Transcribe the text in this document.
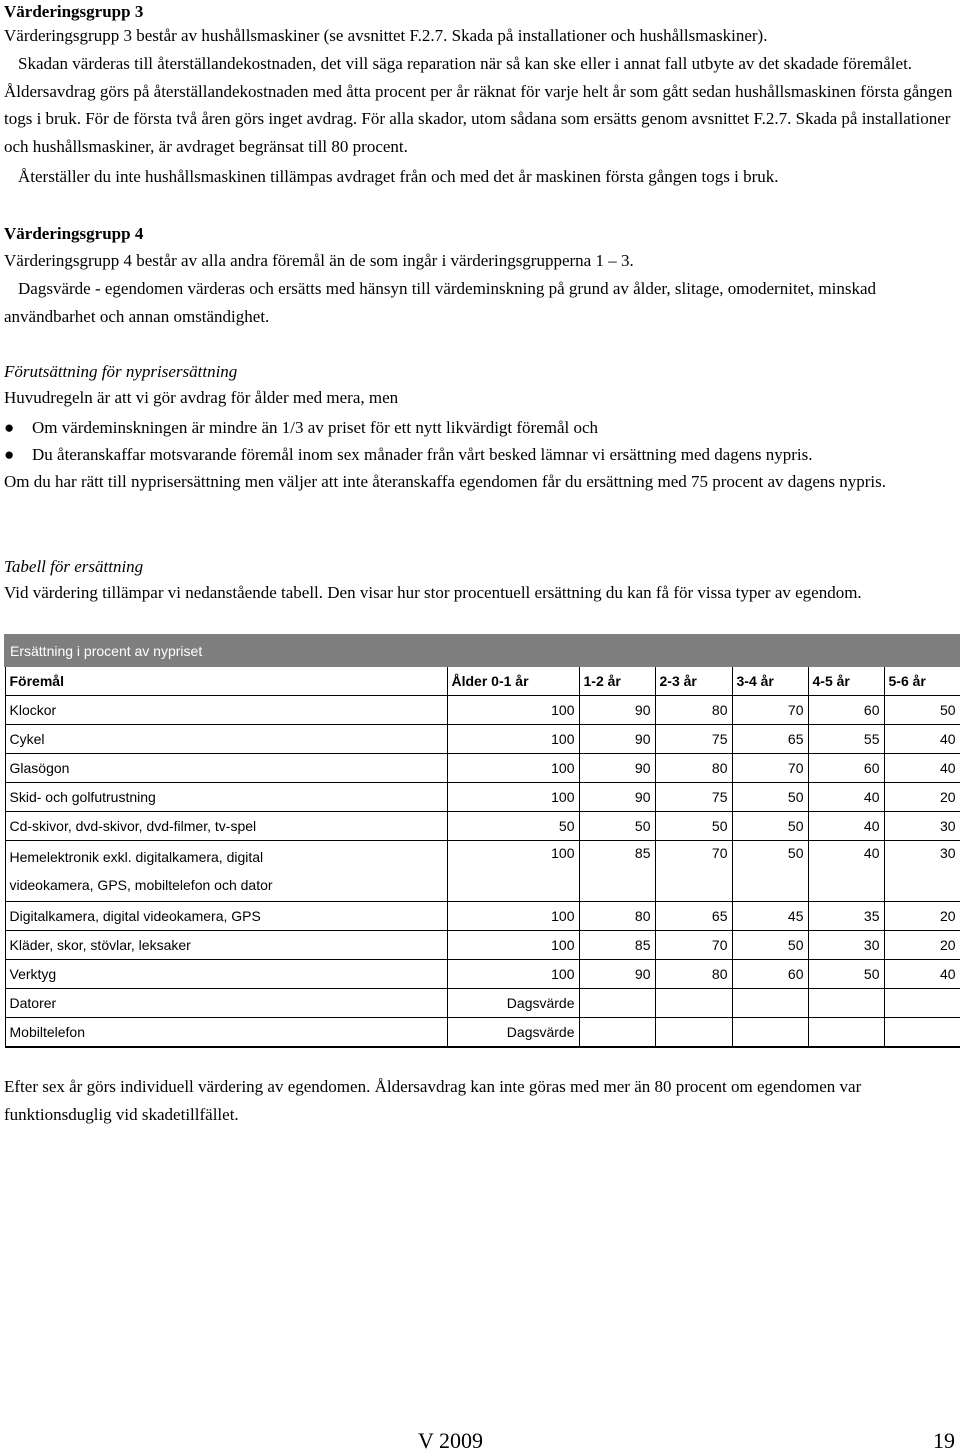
Värderingsgrupp 3
Värderingsgrupp 3 består av hushållsmaskiner (se avsnittet F.2.7. Skada på installationer och hushållsmaskiner).
Skadan värderas till återställandekostnaden, det vill säga reparation när så kan ske eller i annat fall utbyte av det skadade föremålet. Åldersavdrag görs på återställandekostnaden med åtta procent per år räknat för varje helt år som gått sedan hushållsmaskinen första gången togs i bruk. För de första två åren görs inget avdrag. För alla skador, utom sådana som ersätts genom avsnittet F.2.7. Skada på installationer och hushållsmaskiner, är avdraget begränsat till 80 procent.
Återställer du inte hushållsmaskinen tillämpas avdraget från och med det år maskinen första gången togs i bruk.
Värderingsgrupp 4
Värderingsgrupp 4 består av alla andra föremål än de som ingår i värderingsgrupperna 1 – 3.
Dagsvärde - egendomen värderas och ersätts med hänsyn till värdeminskning på grund av ålder, slitage, omodernitet, minskad användbarhet och annan omständighet.
Förutsättning för nyprisersättning
Huvudregeln är att vi gör avdrag för ålder med mera, men
● Om värdeminskningen är mindre än 1/3 av priset för ett nytt likvärdigt föremål och
● Du återanskaffar motsvarande föremål inom sex månader från vårt besked lämnar vi ersättning med dagens nypris.
Om du har rätt till nyprisersättning men väljer att inte återanskaffa egendomen får du ersättning med 75 procent av dagens nypris.
Tabell för ersättning
Vid värdering tillämpar vi nedanstående tabell. Den visar hur stor procentuell ersättning du kan få för vissa typer av egendom.
Ersättning i procent av nypriset						
Föremål	Ålder 0-1 år	1-2 år	2-3 år	3-4 år	4-5 år	5-6 år
Klockor	100	90	80	70	60	50
Cykel	100	90	75	65	55	40
Glasögon	100	90	80	70	60	40
Skid- och golfutrustning	100	90	75	50	40	20
Cd-skivor, dvd-skivor, dvd-filmer, tv-spel	50	50	50	50	40	30
Hemelektronik exkl. digitalkamera, digital
videokamera, GPS, mobiltelefon och dator	100	85	70	50	40	30
Digitalkamera, digital videokamera, GPS	100	80	65	45	35	20
Kläder, skor, stövlar, leksaker	100	85	70	50	30	20
Verktyg	100	90	80	60	50	40
Datorer	Dagsvärde					
Mobiltelefon	Dagsvärde					
Efter sex år görs individuell värdering av egendomen. Åldersavdrag kan inte göras med mer än 80 procent om egendomen var funktionsduglig vid skadetillfället.
V 2009	19
